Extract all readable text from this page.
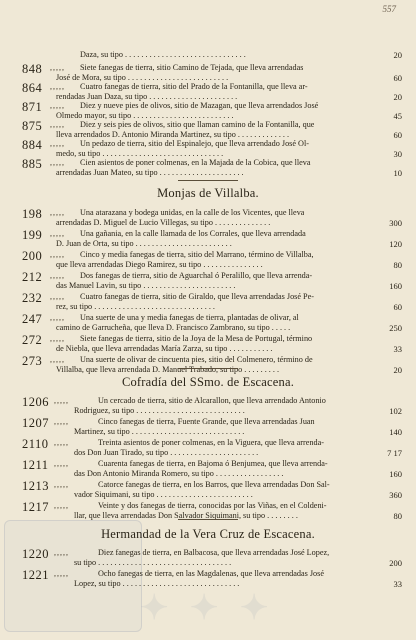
557
✦ ✦ ✦
Daza, su tipo . . . . . . . . . . . . . . . . . . . . . . . . . . . . . .	20
848 ,,,,, Siete fanegas de tierra, sitio Camino de Tejada, que lleva arrendadas
José de Mora, su tipo . . . . . . . . . . . . . . . . . . . . . . . . .	60
864 ,,,,, Cuatro fanegas de tierra, sitio del Prado de la Fontanilla, que lleva ar-
rendadas Juan Daza, su tipo . . . . . . . . . . . . . . . . . . . . . .	20
871 ,,,,, Diez y nueve pies de olivos, sitio de Mazagan, que lleva arrendados José
Olmedo mayor, su tipo . . . . . . . . . . . . . . . . . . . . . . . . .	45
875 ,,,,, Diez y seis pies de olivos, sitio que llaman camino de la Fontanilla, que
lleva arrendados D. Antonio Miranda Martinez, su tipo . . . . . . . . . . . . .	60
884 ,,,,, Un pedazo de tierra, sitio del Espinalejo, que lleva arrendado José Ol-
medo, su tipo . . . . . . . . . . . . . . . . . . . . . . . . . . . . . .	30
885 ,,,,, Cien asientos de poner colmenas, en la Majada de la Cobica, que lleva
arrendadas Juan Mateo, su tipo . . . . . . . . . . . . . . . . . . . . .	10
Monjas de Villalba.
198 ,,,,, Una atarazana y bodega unidas, en la calle de los Vicentes, que lleva
arrendadas D. Miguel de Lucio Villegas, su tipo . . . . . . . . . . . . . .	300
199 ,,,,, Una gañania, en la calle llamada de los Corrales, que lleva arrendada
D. Juan de Orta, su tipo . . . . . . . . . . . . . . . . . . . . . . . .	120
200 ,,,,, Cinco y media fanegas de tierra, sitio del Marrano, término de Villalba,
que lleva arrendadas Diego Ramirez, su tipo . . . . . . . . . . . . . . .	80
212 ,,,,, Dos fanegas de tierra, sitio de Aguarchal ó Peralillo, que lleva arrenda-
das Manuel Lavin, su tipo . . . . . . . . . . . . . . . . . . . . . . .	160
232 ,,,,, Cuatro fanegas de tierra, sitio de Giraldo, que lleva arrendadas José Pe-
rez, su tipo . . . . . . . . . . . . . . . . . . . . . . . . . . . . . .	60
247 ,,,,, Una suerte de una y media fanegas de tierra, plantadas de olivar, al
camino de Garrucheña, que lleva D. Francisco Zambrano, su tipo . . . . .	250
272 ,,,,, Siete fanegas de tierra, sitio de la Joya de la Mesa de Portugal, término
de Niebla, que lleva arrendadas María Zarza, su tipo . . . . . . . . . . .	33
273 ,,,,, Una suerte de olivar de cincuenta pies, sitio del Colmenero, término de
Villalba, que lleva arrendada D. Manuel Trabado, su tipo . . . . . . . . .	20
Cofradía del SSmo. de Escacena.
1206 ,,,,,	Un cercado de tierra, sitio de Alcarallon, que lleva arrendado Antonio
Rodriguez, su tipo . . . . . . . . . . . . . . . . . . . . . . . . . . .	102
1207 ,,,,,	Cinco fanegas de tierra, Fuente Grande, que lleva arrendadas Juan
Martinez, su tipo . . . . . . . . . . . . . . . . . . . . . . . . . . . .	140
2110 ,,,,,	Treinta asientos de poner colmenas, en la Viguera, que lleva arrenda-
dos Don Juan Tirado, su tipo . . . . . . . . . . . . . . . . . . . . . .	7 17
1211 ,,,,,	Cuarenta fanegas de tierra, en Bajoma ó Benjumea, que lleva arrenda-
das Don Antonio Miranda Romero, su tipo . . . . . . . . . . . . . . . . .	160
1213 ,,,,,	Catorce fanegas de tierra, en los Barros, que lleva arrendadas Don Sal-
vador Siquimani, su tipo . . . . . . . . . . . . . . . . . . . . . . . .	360
1217 ,,,,,	Veinte y dos fanegas de tierra, conocidas por las Viñas, en el Coldeni-
llar, que lleva arrendadas Don Salvador Siquimani, su tipo . . . . . . . .	80
Hermandad de la Vera Cruz de Escacena.
1220 ,,,,,	Diez fanegas de tierra, en Balbacosa, que lleva arrendadas José Lopez,
su tipo . . . . . . . . . . . . . . . . . . . . . . . . . . . . . . . . .	200
1221 ,,,,,	Ocho fanegas de tierra, en las Magdalenas, que lleva arrendadas José
Lopez, su tipo . . . . . . . . . . . . . . . . . . . . . . . . . . . . .	33
